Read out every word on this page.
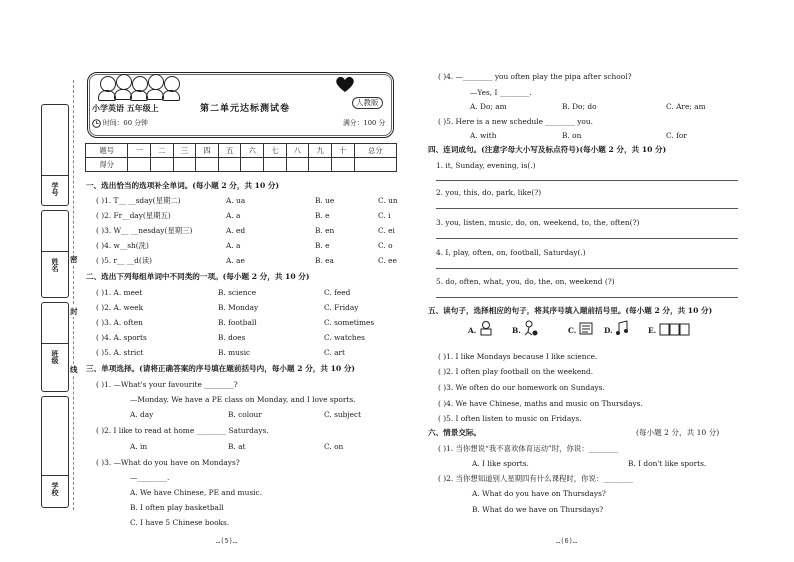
学号
姓名
班级
学校
密
封
线
小学英语 五年级上	第二单元达标测试卷
人教版
时间：60 分钟	满分：100 分
题号	一	二	三	四	五	六	七	八	九	十	总分
得分											
一、选出恰当的选项补全单词。(每小题 2 分，共 10 分)
( )1. T__ __sday(星期二)	A. ua	B. ue	C. un
( )2. Fr__day(星期五)	A. a	B. e	C. i
( )3. W__ __nesday(星期三)	A. ed	B. en	C. ei
( )4. w__sh(洗)	A. a	B. e	C. o
( )5. r__ __d(读)	A. ae	B. ea	C. ee
二、选出下列每组单词中不同类的一项。(每小题 2 分，共 10 分)
( )1. A. meet	B. science	C. feed
( )2. A. week	B. Monday	C. Friday
( )3. A. often	B. football	C. sometimes
( )4. A. sports	B. does	C. watches
( )5. A. strict	B. music	C. art
三、单项选择。(请将正确答案的序号填在题前括号内，每小题 2 分，共 10 分)
( )1. —What's your favourite ________?
—Monday. We have a PE class on Monday, and I love sports.
A. day	B. colour	C. subject
( )2. I like to read at home ________ Saturdays.
A. in	B. at	C. on
( )3. —What do you have on Mondays?
—________.
A. We have Chinese, PE and music.
B. I often play basketball
C. I have 5 Chinese books.
…(5)…
( )4. —________ you often play the pipa after school?
—Yes, I ________.
A. Do; am	B. Do; do	C. Are; am
( )5. Here is a new schedule ________ you.
A. with	B. on	C. for
四、连词成句。(注意字母大小写及标点符号)(每小题 2 分，共 10 分)
1. it, Sunday, evening, is(.)
2. you, this, do, park, like(?)
3. you, listen, music, do, on, weekend, to, the, often(?)
4. I, play, often, on, football, Saturday(.)
5. do, often, what, you, do, the, on, weekend (?)
五、读句子，选择相应的句子，将其序号填入题前括号里。(每小题 2 分，共 10 分)
A.	B.	C.	D.	E.
( )1. I like Mondays because I like science.
( )2. I often play football on the weekend.
( )3. We often do our homework on Sundays.
( )4. We have Chinese, maths and music on Thursdays.
( )5. I often listen to music on Fridays.
六、情景交际。	(每小题 2 分，共 10 分)
( )1. 当你想说“我不喜欢体育运动”时，你说：________
A. I like sports.	B. I don't like sports.
( )2. 当你想知道别人星期四有什么课程时，你说：________
A. What do you have on Thursdays?
B. What do we have on Thursdays?
…(6)…
